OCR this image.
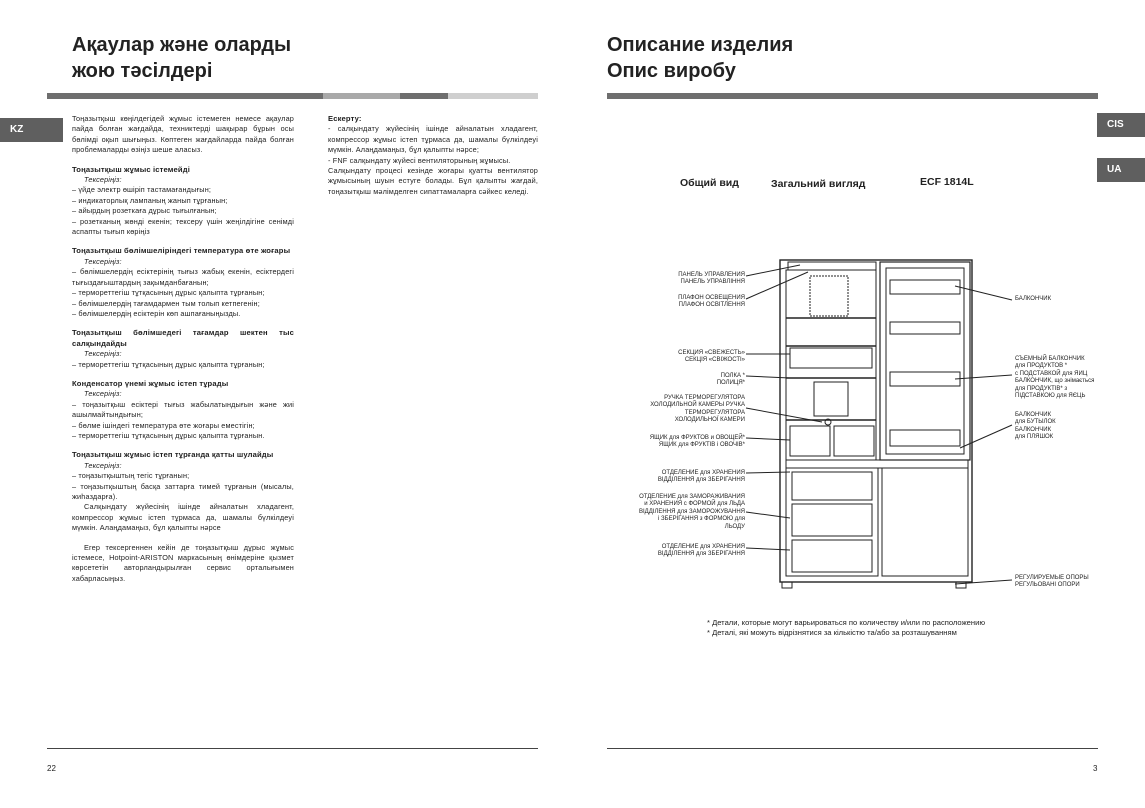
Ақаулар және оларды
жою тәсілдері
KZ

Тоңазытқыш көңілдегідей жұмыс істемеген немесе ақаулар пайда болған жағдайда, техниктерді шақырар бұрын осы бөлімді оқып шығыңыз. Көптеген жағдайларда пайда болған проблемаларды өзіңіз шеше аласыз.

Тоңазытқыш жұмыс істемейді

Тексеріңіз:

– үйде электр өшіріп тастамағандығын;

– индикаторлық лампаның жанып тұрғанын;

– айырдың розеткаға дұрыс тығылғанын;

– розетканың жөнді екенін; тексеру үшін жеңілдігіне сенімді аспапты тығып көріңіз

Тоңазытқыш бөлімшеліріндегі температура өте жоғары

Тексеріңіз:

– бөлімшелердің есіктерінің тығыз жабық екенін, есіктердегі тығыздағыштардың зақымданбағанын;

– термореттегіш тұтқасының дұрыс қалыпта тұрғанын;

– бөлімшелердің тағамдармен тым толып кетпегенін;

– бөлімшелердің есіктерін көп ашпағаныңызды.

Тоңазытқыш бөлімшедегі тағамдар шектен тыс салқындайды

Тексеріңіз:

– термореттегіш тұтқасының дұрыс қалыпта тұрғанын;

Конденсатор үнемі жұмыс істеп тұрады

Тексеріңіз:

– тоңазытқыш есіктері тығыз жабылатындығын және жиі ашылмайтындығын;

– бөлме ішіндегі температура өте жоғары еместігін;

– термореттегіш тұтқасының дұрыс қалыпта тұрғанын.

Тоңазытқыш жұмыс істеп тұрғанда қатты шулайды

Тексеріңіз:

– тоңазытқыштың тегіс тұрғанын;

– тоңазытқыштың басқа заттарға тимей тұрғанын (мысалы, жиһаздарға).

Салқындату жүйесінің ішінде айналатын хладагент, компрессор жұмыс істеп тұрмаса да, шамалы бүлкілдеуі мүмкін. Алаңдамаңыз, бұл қалыпты нәрсе

Егер тексергеннен кейін де тоңазытқыш дұрыс жұмыс істемесе, Hotpoint-ARISTON маркасының өнімдеріне қызмет көрсететін авторландырылған сервис орталығымен хабарласыңыз.

Ескерту:

- салқындату жүйесінің ішінде айналатын хладагент, компрессор жұмыс істеп тұрмаса да, шамалы бүлкілдеуі мүмкін. Алаңдамаңыз, бұл қалыпты нәрсе;

- FNF салқындату жүйесі вентиляторының жұмысы.

Салқындату процесі кезінде жоғары қуатты вентилятор жұмысының шуын естуге болады. Бұл қалыпты жағдай, тоңазытқыш мәлімделген сипаттамаларға сәйкес келеді.

22
Описание изделия
Опис виробу
CIS
UA
Общий вид	Загальний вигляд	ECF 1814L
ПАНЕЛЬ УПРАВЛЕНИЯ
ПАНЕЛЬ УПРАВЛІННЯ
ПЛАФОН ОСВЕЩЕНИЯ
ПЛАФОН ОСВІТЛЕННЯ
СЕКЦИЯ «СВЕЖЕСТЬ»
СЕКЦІЯ «СВІЖОСТІ»
ПОЛКА *
ПОЛИЦЯ*
РУЧКА ТЕРМОРЕГУЛЯТОРА
ХОЛОДИЛЬНОЙ КАМЕРЫ РУЧКА
ТЕРМОРЕГУЛЯТОРА
ХОЛОДИЛЬНОЇ КАМЕРИ
ЯЩИК для ФРУКТОВ и ОВОЩЕЙ*
ЯЩИК для ФРУКТІВ і ОВОЧІВ*
ОТДЕЛЕНИЕ для ХРАНЕНИЯ
ВІДДІЛЕННЯ для ЗБЕРІГАННЯ
ОТДЕЛЕНИЕ для ЗАМОРАЖИВАНИЯ
и ХРАНЕНИЯ с ФОРМОЙ для ЛЬДА
ВІДДІЛЕННЯ для ЗАМОРОЖУВАННЯ
і ЗБЕРІГАННЯ з ФОРМОЮ для
ЛЬОДУ
ОТДЕЛЕНИЕ для ХРАНЕНИЯ
ВІДДІЛЕННЯ для ЗБЕРІГАННЯ
БАЛКОНЧИК
СЪЕМНЫЙ БАЛКОНЧИК
для ПРОДУКТОВ *
с ПОДСТАВКОЙ для ЯИЦ
БАЛКОНЧИК, що знімається для ПРОДУКТІВ* з
ПІДСТАВКОЮ для ЯЄЦЬ
БАЛКОНЧИК
для БУТЫЛОК
БАЛКОНЧИК
для ПЛЯШОК
РЕГУЛИРУЕМЫЕ ОПОРЫ
РЕГУЛЬОВАНІ ОПОРИ
* Детали, которые могут варьироваться по количеству и/или по расположению
* Деталі, які можуть відрізнятися за кількістю та/або за розташуванням
3
